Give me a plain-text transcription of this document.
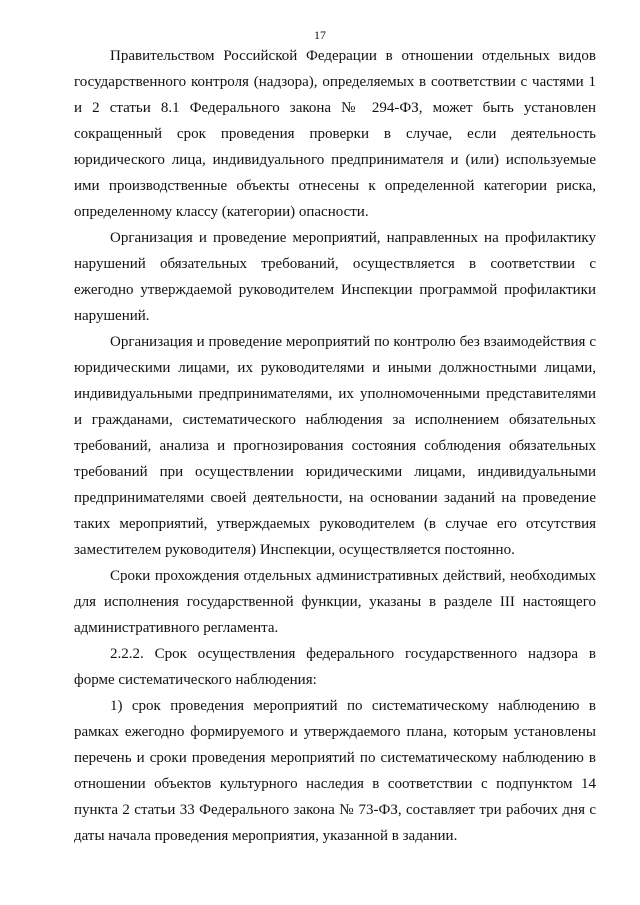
17

Правительством Российской Федерации в отношении отдельных видов государственного контроля (надзора), определяемых в соответствии с частями 1 и 2 статьи 8.1 Федерального закона № 294-ФЗ, может быть установлен сокращенный срок проведения проверки в случае, если деятельность юридического лица, индивидуального предпринимателя и (или) используемые ими производственные объекты отнесены к определенной категории риска, определенному классу (категории) опасности.

Организация и проведение мероприятий, направленных на профилактику нарушений обязательных требований, осуществляется в соответствии с ежегодно утверждаемой руководителем Инспекции программой профилактики нарушений.

Организация и проведение мероприятий по контролю без взаимодействия с юридическими лицами, их руководителями и иными должностными лицами, индивидуальными предпринимателями, их уполномоченными представителями и гражданами, систематического наблюдения за исполнением обязательных требований, анализа и прогнозирования состояния соблюдения обязательных требований при осуществлении юридическими лицами, индивидуальными предпринимателями своей деятельности, на основании заданий на проведение таких мероприятий, утверждаемых руководителем (в случае его отсутствия заместителем руководителя) Инспекции, осуществляется постоянно.

Сроки прохождения отдельных административных действий, необходимых для исполнения государственной функции, указаны в разделе III настоящего административного регламента.

2.2.2. Срок осуществления федерального государственного надзора в форме систематического наблюдения:

1) срок проведения мероприятий по систематическому наблюдению в рамках ежегодно формируемого и утверждаемого плана, которым установлены перечень и сроки проведения мероприятий по систематическому наблюдению в отношении объектов культурного наследия в соответствии с подпунктом 14 пункта 2 статьи 33 Федерального закона № 73-ФЗ, составляет три рабочих дня с даты начала проведения мероприятия, указанной в задании.
